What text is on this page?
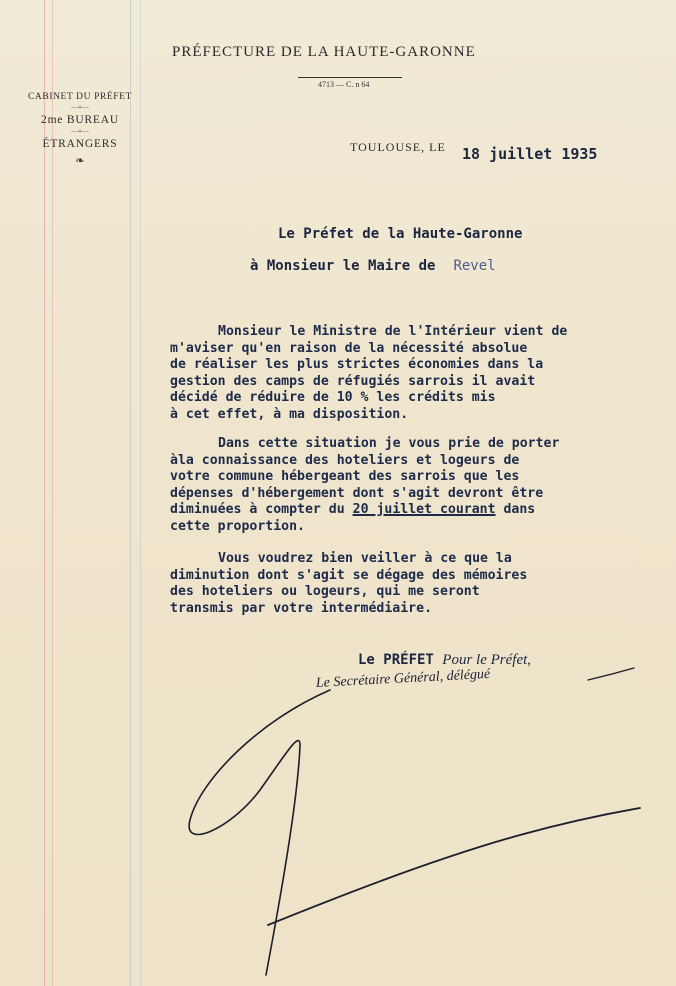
PRÉFECTURE DE LA HAUTE-GARONNE
4713 — C. n 64
CABINET DU PRÉFET
—»—
2me BUREAU
—»—
ÉTRANGERS
❧
TOULOUSE, LE 18 juillet 1935
Le Préfet de la Haute-Garonne
à Monsieur le Maire de Revel
Monsieur le Ministre de l'Intérieur vient de
m'aviser qu'en raison de la nécessité absolue
de réaliser les plus strictes économies dans la
gestion des camps de réfugiés sarrois il avait
décidé de réduire de 10 % les crédits mis
à cet effet, à ma disposition.
Dans cette situation je vous prie de porter
àla connaissance des hoteliers et logeurs de
votre commune hébergeant des sarrois que les
dépenses d'hébergement dont s'agit devront être
diminuées à compter du 20 juillet courant dans
cette proportion.
Vous voudrez bien veiller à ce que la
diminution dont s'agit se dégage des mémoires
des hoteliers ou logeurs, qui me seront
transmis par votre intermédiaire.
Le PRÉFET Pour le Préfet,
Le Secrétaire Général, délégué
